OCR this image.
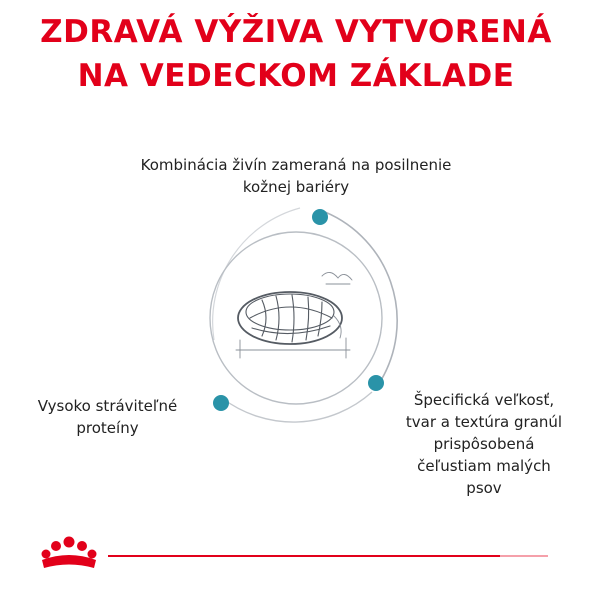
ZDRAVÁ VÝŽIVA VYTVORENÁ
NA VEDECKOM ZÁKLADE
Kombinácia živín zameraná na posilnenie
kožnej bariéry
Vysoko stráviteľné
proteíny
Špecifická veľkosť,
tvar a textúra granúl
prispôsobená
čeľustiam malých
psov
